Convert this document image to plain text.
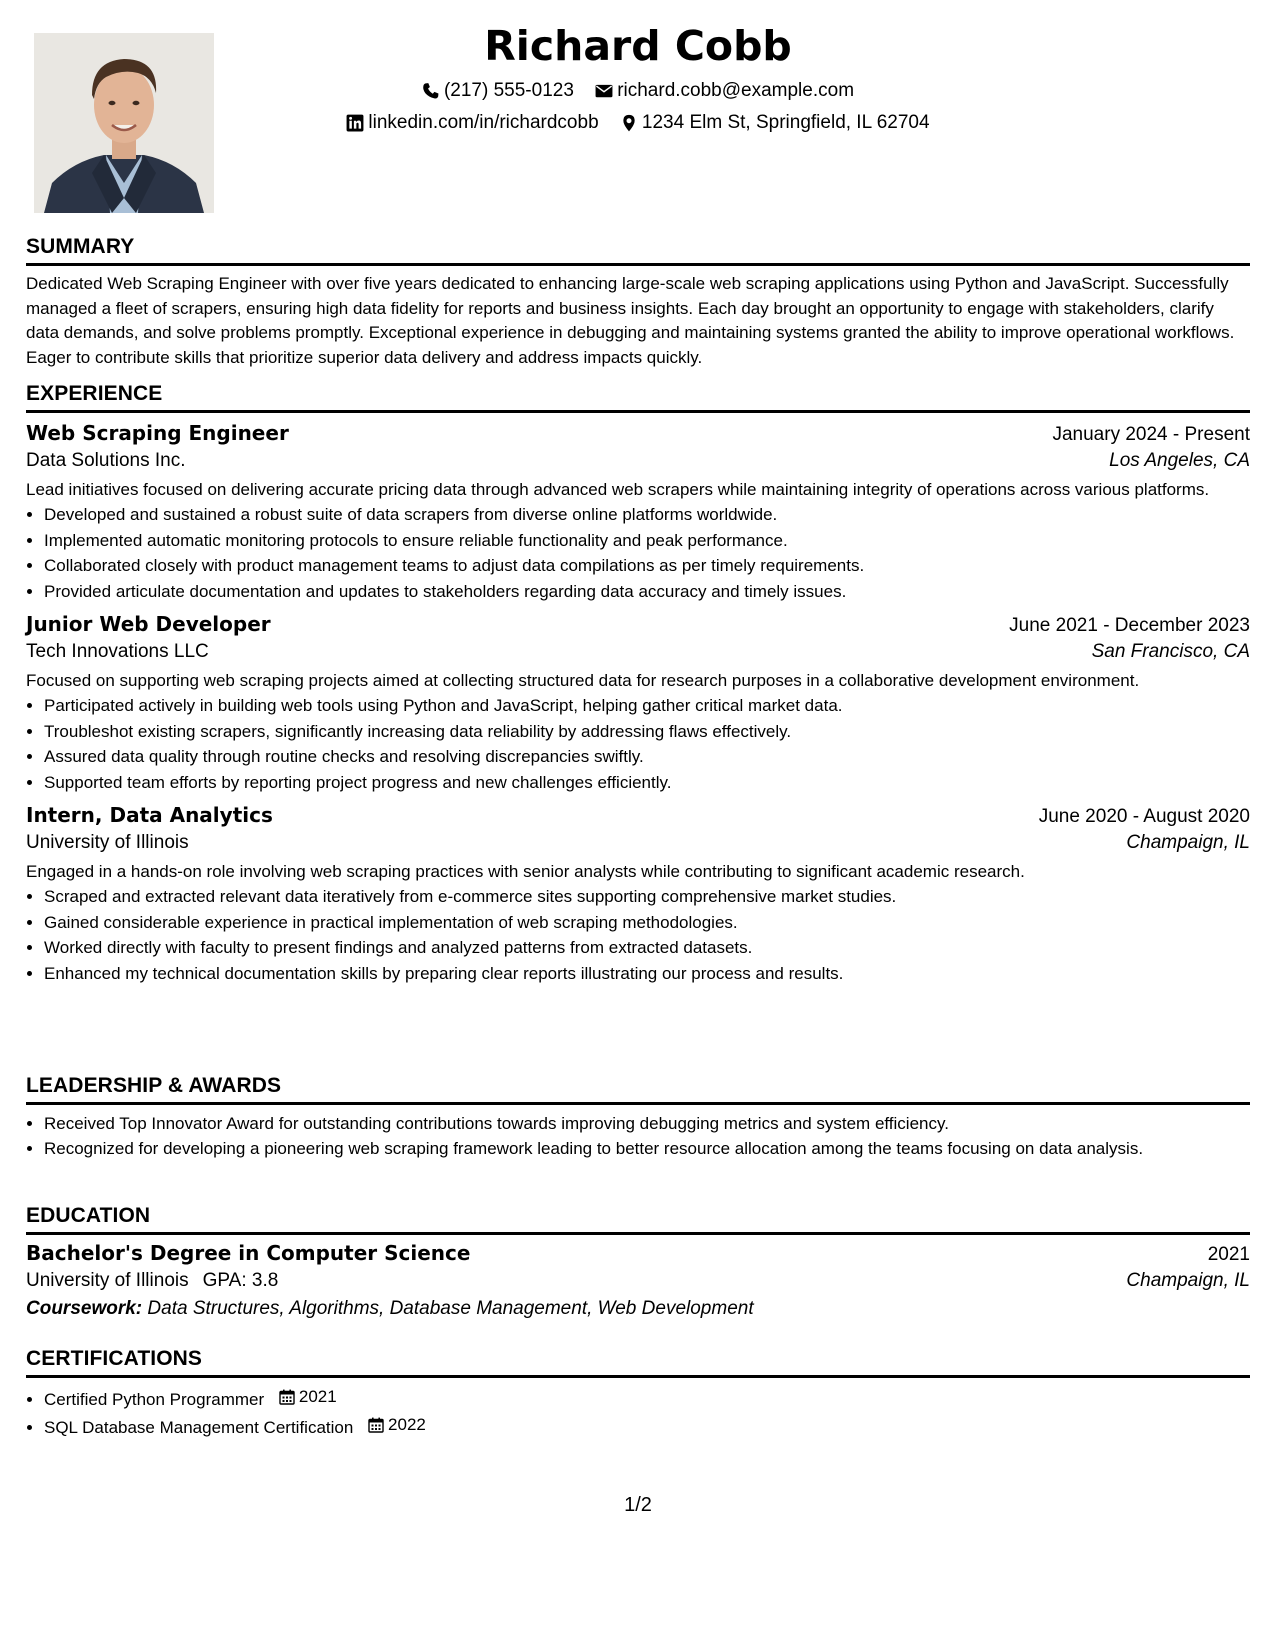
Richard Cobb
(217) 555-0123
richard.cobb@example.com
linkedin.com/in/richardcobb
1234 Elm St, Springfield, IL 62704
SUMMARY
Dedicated Web Scraping Engineer with over five years dedicated to enhancing large-scale web scraping applications using Python and JavaScript. Successfully managed a fleet of scrapers, ensuring high data fidelity for reports and business insights. Each day brought an opportunity to engage with stakeholders, clarify data demands, and solve problems promptly. Exceptional experience in debugging and maintaining systems granted the ability to improve operational workflows. Eager to contribute skills that prioritize superior data delivery and address impacts quickly.
EXPERIENCE
Web Scraping Engineer	January 2024 - Present
Data Solutions Inc.	Los Angeles, CA
Lead initiatives focused on delivering accurate pricing data through advanced web scrapers while maintaining integrity of operations across various platforms.
• Developed and sustained a robust suite of data scrapers from diverse online platforms worldwide.
• Implemented automatic monitoring protocols to ensure reliable functionality and peak performance.
• Collaborated closely with product management teams to adjust data compilations as per timely requirements.
• Provided articulate documentation and updates to stakeholders regarding data accuracy and timely issues.
Junior Web Developer	June 2021 - December 2023
Tech Innovations LLC	San Francisco, CA
Focused on supporting web scraping projects aimed at collecting structured data for research purposes in a collaborative development environment.
• Participated actively in building web tools using Python and JavaScript, helping gather critical market data.
• Troubleshot existing scrapers, significantly increasing data reliability by addressing flaws effectively.
• Assured data quality through routine checks and resolving discrepancies swiftly.
• Supported team efforts by reporting project progress and new challenges efficiently.
Intern, Data Analytics	June 2020 - August 2020
University of Illinois	Champaign, IL
Engaged in a hands-on role involving web scraping practices with senior analysts while contributing to significant academic research.
• Scraped and extracted relevant data iteratively from e-commerce sites supporting comprehensive market studies.
• Gained considerable experience in practical implementation of web scraping methodologies.
• Worked directly with faculty to present findings and analyzed patterns from extracted datasets.
• Enhanced my technical documentation skills by preparing clear reports illustrating our process and results.
LEADERSHIP & AWARDS
• Received Top Innovator Award for outstanding contributions towards improving debugging metrics and system efficiency.
• Recognized for developing a pioneering web scraping framework leading to better resource allocation among the teams focusing on data analysis.
EDUCATION
Bachelor's Degree in Computer Science	2021
University of Illinois GPA: 3.8	Champaign, IL
Coursework: Data Structures, Algorithms, Database Management, Web Development
CERTIFICATIONS
• Certified Python Programmer 2021
• SQL Database Management Certification 2022
1/2
